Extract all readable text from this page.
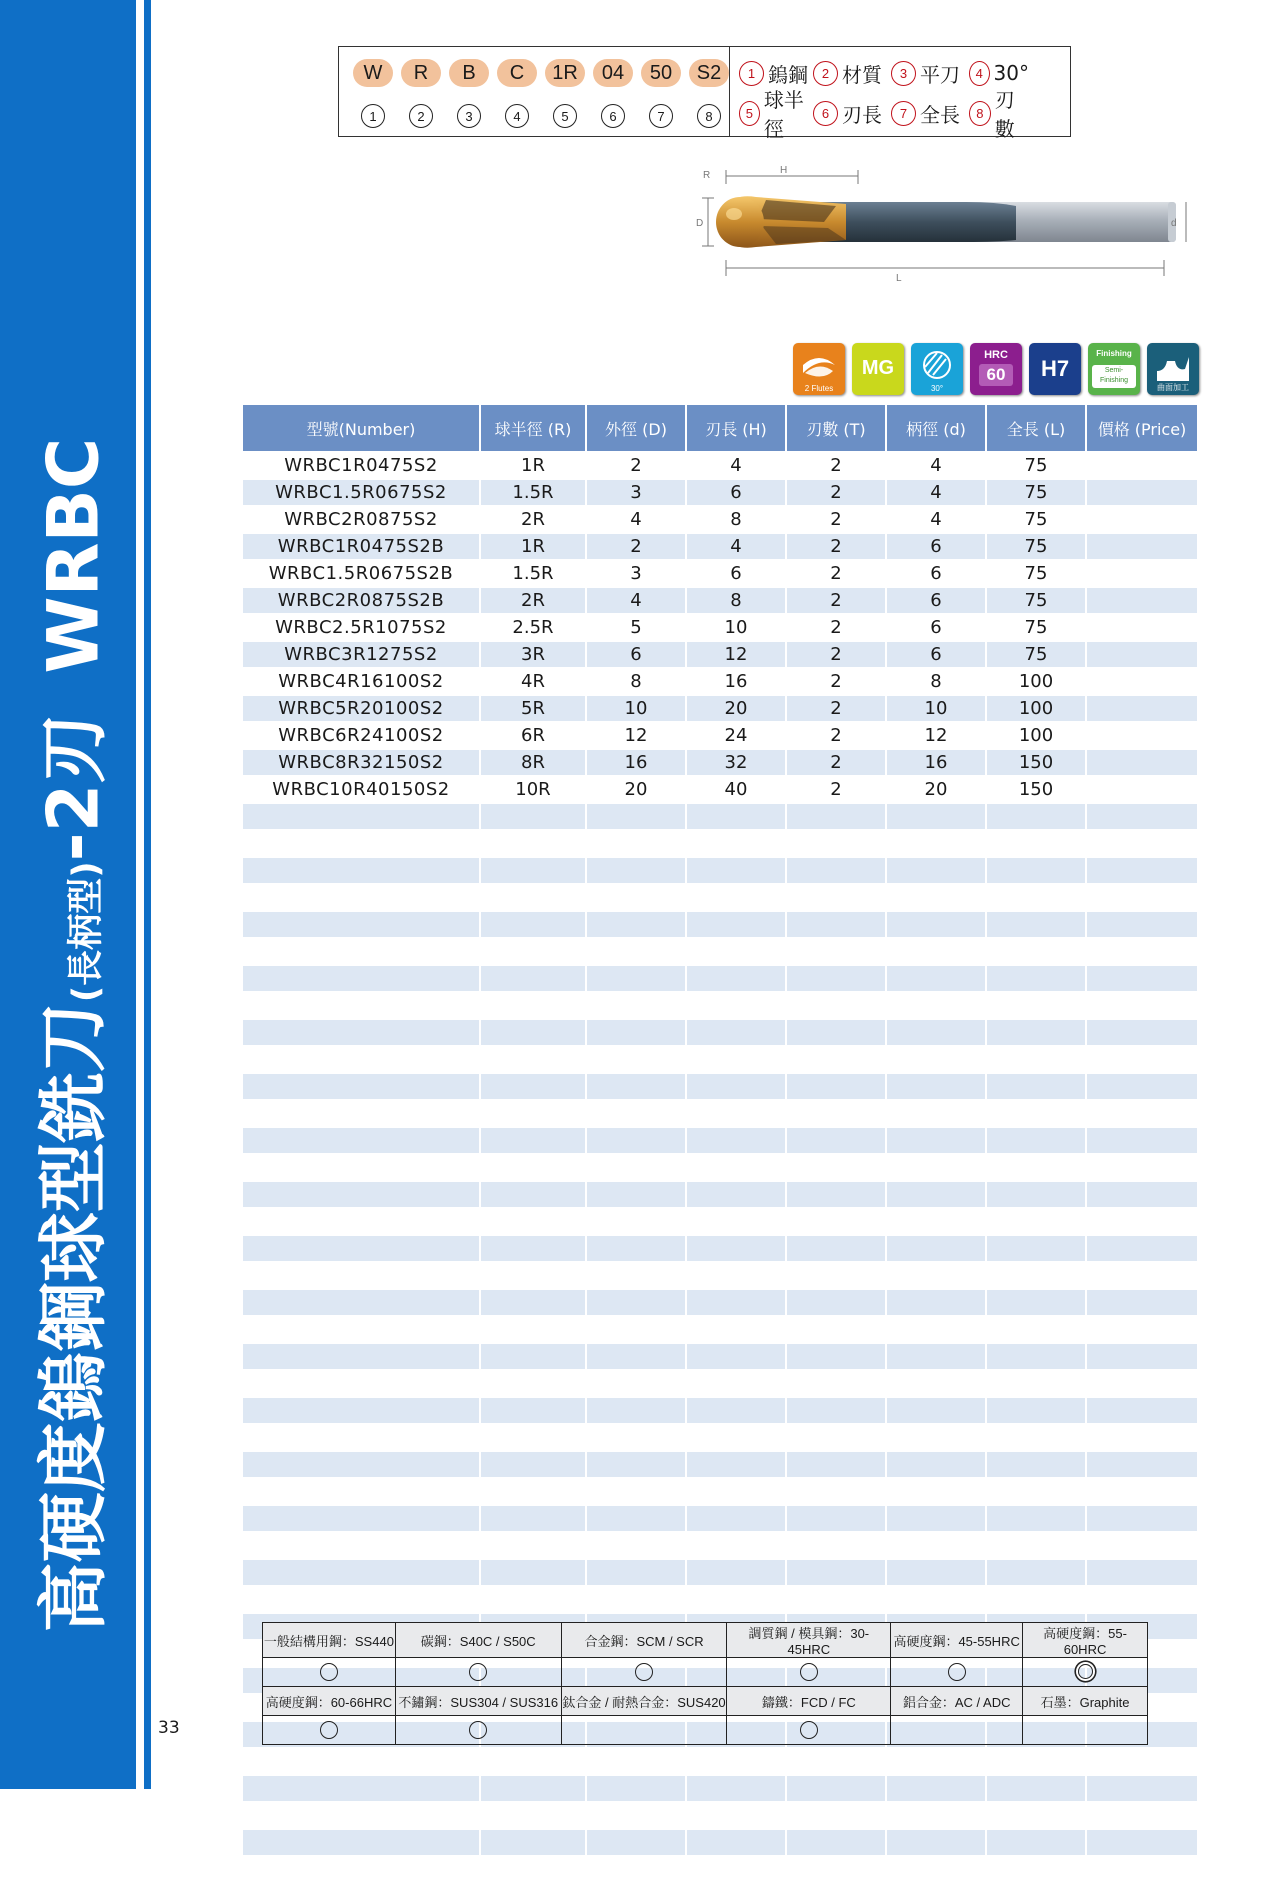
高硬度鎢鋼球型銑刀(長柄型)-2刃WRBC
33
W	R	B	C	1R	04	50	S2
1	2	3	4	5	6	7	8
1 鎢鋼	2 材質	3 平刀	4 30°
5
球半徑
6 刃長	7 全長	8
刃數
R	H
D	d
L
2 Flutes
MG
30°
HRC
60	H7
Finishing
Semi-Finishing
曲面加工
型號(Number)	球半徑 (R)	外徑 (D)	刃長 (H)	刃數 (T)	柄徑 (d)	全長 (L)	價格 (Price)
WRBC1R0475S2	1R	2	4	2	4	75	
WRBC1.5R0675S2	1.5R	3	6	2	4	75	
WRBC2R0875S2	2R	4	8	2	4	75	
WRBC1R0475S2B	1R	2	4	2	6	75	
WRBC1.5R0675S2B	1.5R	3	6	2	6	75	
WRBC2R0875S2B	2R	4	8	2	6	75	
WRBC2.5R1075S2	2.5R	5	10	2	6	75	
WRBC3R1275S2	3R	6	12	2	6	75	
WRBC4R16100S2	4R	8	16	2	8	100	
WRBC5R20100S2	5R	10	20	2	10	100	
WRBC6R24100S2	6R	12	24	2	12	100	
WRBC8R32150S2	8R	16	32	2	16	150	
WRBC10R40150S2	10R	20	40	2	20	150	

一般結構用鋼：SS440	碳鋼：S40C / S50C	合金鋼：SCM / SCR	調質鋼 / 模具鋼：30-45HRC	高硬度鋼：45-55HRC	高硬度鋼：55-60HRC

高硬度鋼：60-66HRC	不鏽鋼：SUS304 / SUS316	鈦合金 / 耐熱合金：SUS420	鑄鐵：FCD / FC	鋁合金：AC / ADC	石墨：Graphite
